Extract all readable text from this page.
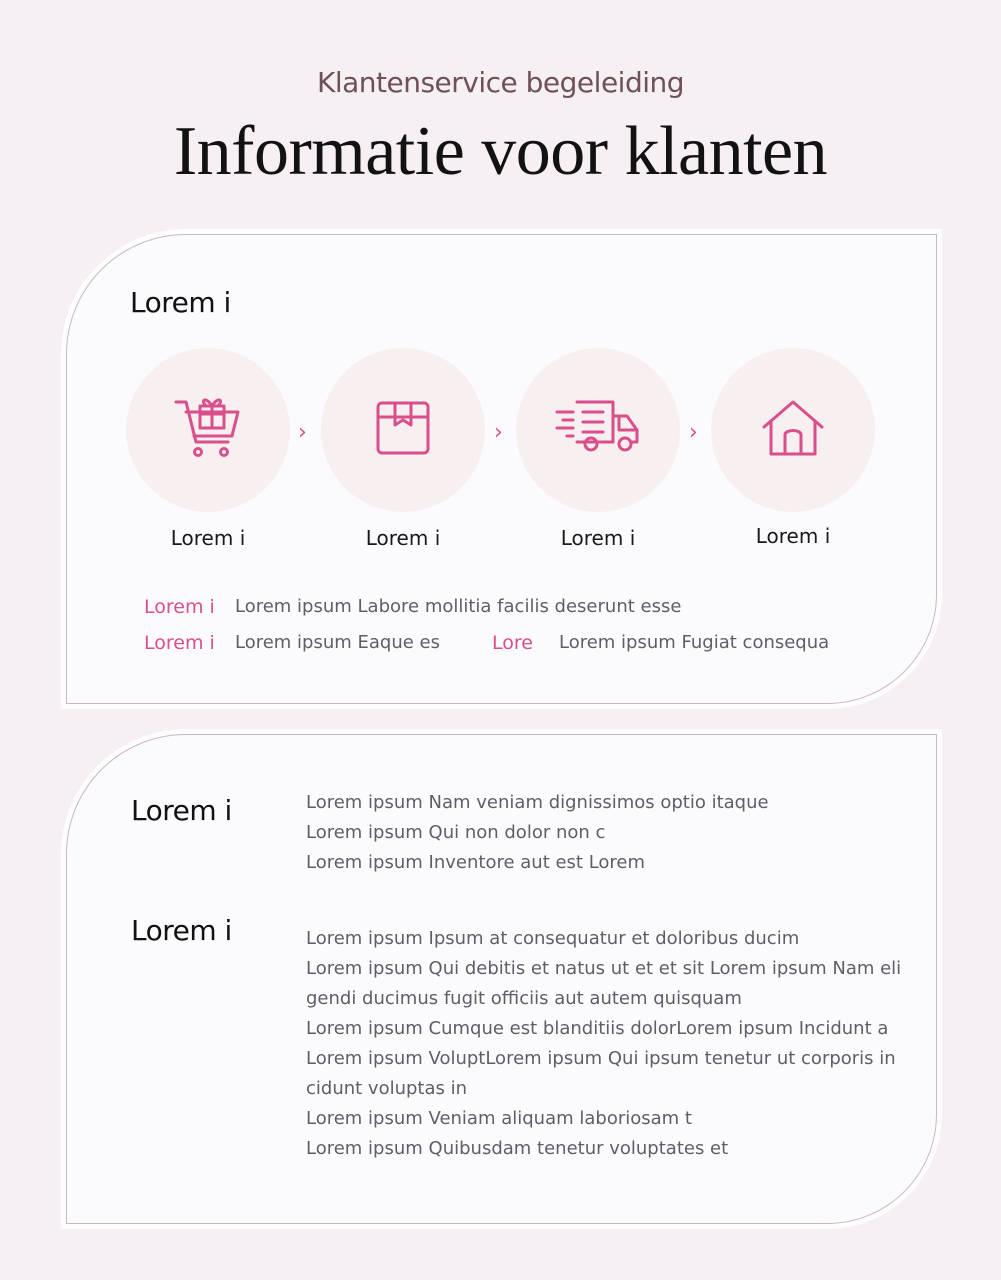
Klantenservice begeleiding
Informatie voor klanten
Lorem i
Lorem i
›
Lorem i
›
Lorem i
›
Lorem i
Lorem i Lorem ipsum Labore mollitia facilis deserunt esse
Lorem i Lorem ipsum Eaque es	Lore Lorem ipsum Fugiat consequa
Lorem i	Lorem ipsum Nam veniam dignissimos optio itaque
Lorem ipsum Qui non dolor non c
Lorem ipsum Inventore aut est Lorem
Lorem i	Lorem ipsum Ipsum at consequatur et doloribus ducim
Lorem ipsum Qui debitis et natus ut et et sit Lorem ipsum Nam eli
gendi ducimus fugit officiis aut autem quisquam
Lorem ipsum Cumque est blanditiis dolorLorem ipsum Incidunt a
Lorem ipsum VoluptLorem ipsum Qui ipsum tenetur ut corporis in
cidunt voluptas in
Lorem ipsum Veniam aliquam laboriosam t
Lorem ipsum Quibusdam tenetur voluptates et
